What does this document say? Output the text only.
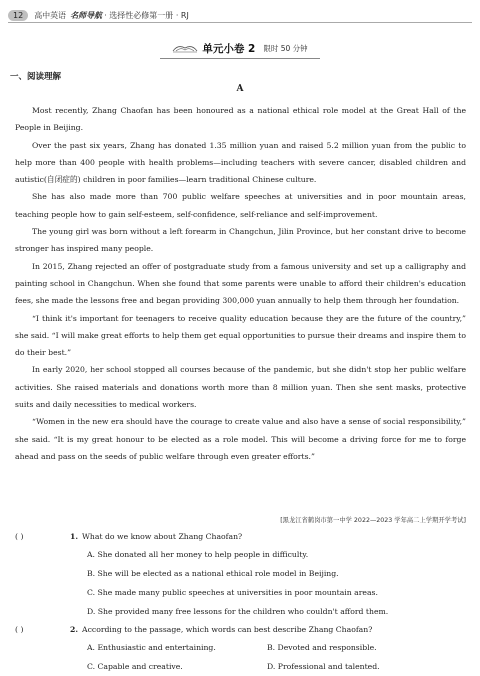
12	高中英语 名师导航 · 选择性必修第一册 · RJ
单元小卷 2 限时 50 分钟
一、阅读理解
A

Most recently, Zhang Chaofan has been honoured as a national ethical role model at the Great Hall of the People in Beijing.

Over the past six years, Zhang has donated 1.35 million yuan and raised 5.2 million yuan from the public to help more than 400 people with health problems—including teachers with severe cancer, disabled children and autistic(自闭症的) children in poor families—learn traditional Chinese culture.

She has also made more than 700 public welfare speeches at universities and in poor mountain areas, teaching people how to gain self-esteem, self-confidence, self-reliance and self-improvement.

The young girl was born without a left forearm in Changchun, Jilin Province, but her constant drive to become stronger has inspired many people.

In 2015, Zhang rejected an offer of postgraduate study from a famous university and set up a calligraphy and painting school in Changchun. When she found that some parents were unable to afford their children's education fees, she made the lessons free and began providing 300,000 yuan annually to help them through her foundation.

“I think it's important for teenagers to receive quality education because they are the future of the country,” she said. “I will make great efforts to help them get equal opportunities to pursue their dreams and inspire them to do their best.”

In early 2020, her school stopped all courses because of the pandemic, but she didn't stop her public welfare activities. She raised materials and donations worth more than 8 million yuan. Then she sent masks, protective suits and daily necessities to medical workers.

“Women in the new era should have the courage to create value and also have a sense of social responsibility,” she said. “It is my great honour to be elected as a role model. This will become a driving force for me to forge ahead and pass on the seeds of public welfare through even greater efforts.”

[黑龙江省鹤岗市第一中学 2022—2023 学年高二上学期开学考试]
( )	1. What do we know about Zhang Chaofan?
A. She donated all her money to help people in difficulty.
B. She will be elected as a national ethical role model in Beijing.
C. She made many public speeches at universities in poor mountain areas.
D. She provided many free lessons for the children who couldn't afford them.
( )	2. According to the passage, which words can best describe Zhang Chaofan?
A. Enthusiastic and entertaining.	B. Devoted and responsible.
C. Capable and creative.	D. Professional and talented.
